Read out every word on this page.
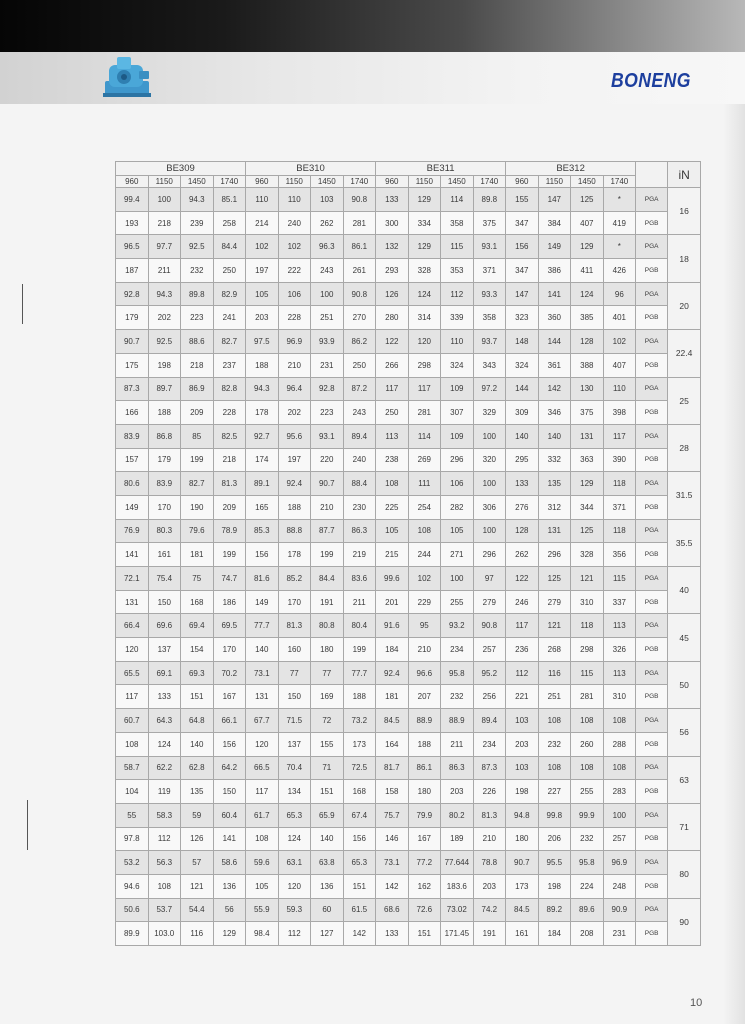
BONENG
BE309				BE310				BE311				BE312					iN
960	1150	1450	1740	960	1150	1450	1740	960	1150	1450	1740	960	1150	1450	1740		
99.4	100	94.3	85.1	110	110	103	90.8	133	129	114	89.8	155	147	125	*	PGA	16
193	218	239	258	214	240	262	281	300	334	358	375	347	384	407	419	PGB	
96.5	97.7	92.5	84.4	102	102	96.3	86.1	132	129	115	93.1	156	149	129	*	PGA	18
187	211	232	250	197	222	243	261	293	328	353	371	347	386	411	426	PGB	
92.8	94.3	89.8	82.9	105	106	100	90.8	126	124	112	93.3	147	141	124	96	PGA	20
179	202	223	241	203	228	251	270	280	314	339	358	323	360	385	401	PGB	
90.7	92.5	88.6	82.7	97.5	96.9	93.9	86.2	122	120	110	93.7	148	144	128	102	PGA	22.4
175	198	218	237	188	210	231	250	266	298	324	343	324	361	388	407	PGB	
87.3	89.7	86.9	82.8	94.3	96.4	92.8	87.2	117	117	109	97.2	144	142	130	110	PGA	25
166	188	209	228	178	202	223	243	250	281	307	329	309	346	375	398	PGB	
83.9	86.8	85	82.5	92.7	95.6	93.1	89.4	113	114	109	100	140	140	131	117	PGA	28
157	179	199	218	174	197	220	240	238	269	296	320	295	332	363	390	PGB	
80.6	83.9	82.7	81.3	89.1	92.4	90.7	88.4	108	111	106	100	133	135	129	118	PGA	31.5
149	170	190	209	165	188	210	230	225	254	282	306	276	312	344	371	PGB	
76.9	80.3	79.6	78.9	85.3	88.8	87.7	86.3	105	108	105	100	128	131	125	118	PGA	35.5
141	161	181	199	156	178	199	219	215	244	271	296	262	296	328	356	PGB	
72.1	75.4	75	74.7	81.6	85.2	84.4	83.6	99.6	102	100	97	122	125	121	115	PGA	40
131	150	168	186	149	170	191	211	201	229	255	279	246	279	310	337	PGB	
66.4	69.6	69.4	69.5	77.7	81.3	80.8	80.4	91.6	95	93.2	90.8	117	121	118	113	PGA	45
120	137	154	170	140	160	180	199	184	210	234	257	236	268	298	326	PGB	
65.5	69.1	69.3	70.2	73.1	77	77	77.7	92.4	96.6	95.8	95.2	112	116	115	113	PGA	50
117	133	151	167	131	150	169	188	181	207	232	256	221	251	281	310	PGB	
60.7	64.3	64.8	66.1	67.7	71.5	72	73.2	84.5	88.9	88.9	89.4	103	108	108	108	PGA	56
108	124	140	156	120	137	155	173	164	188	211	234	203	232	260	288	PGB	
58.7	62.2	62.8	64.2	66.5	70.4	71	72.5	81.7	86.1	86.3	87.3	103	108	108	108	PGA	63
104	119	135	150	117	134	151	168	158	180	203	226	198	227	255	283	PGB	
55	58.3	59	60.4	61.7	65.3	65.9	67.4	75.7	79.9	80.2	81.3	94.8	99.8	99.9	100	PGA	71
97.8	112	126	141	108	124	140	156	146	167	189	210	180	206	232	257	PGB	
53.2	56.3	57	58.6	59.6	63.1	63.8	65.3	73.1	77.2	77.644	78.8	90.7	95.5	95.8	96.9	PGA	80
94.6	108	121	136	105	120	136	151	142	162	183.6	203	173	198	224	248	PGB	
50.6	53.7	54.4	56	55.9	59.3	60	61.5	68.6	72.6	73.02	74.2	84.5	89.2	89.6	90.9	PGA	90
89.9	103.0	116	129	98.4	112	127	142	133	151	171.45	191	161	184	208	231	PGB	
10
